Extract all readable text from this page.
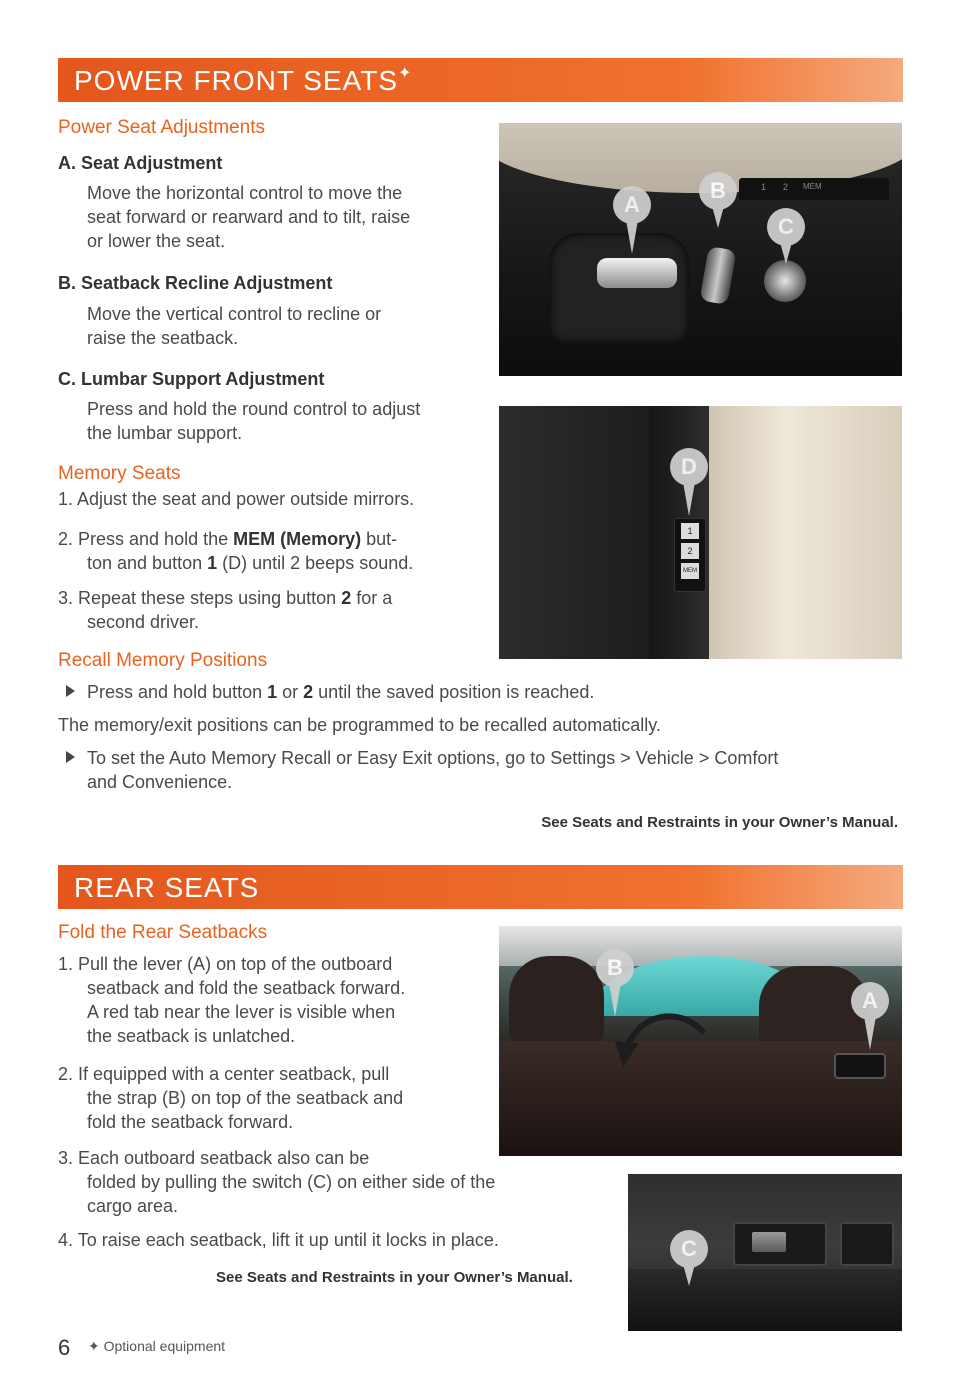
POWER FRONT SEATS✦
Power Seat Adjustments
A. Seat Adjustment
Move the horizontal control to move the
seat forward or rearward and to tilt, raise
or lower the seat.
B. Seatback Recline Adjustment
Move the vertical control to recline or
raise the seatback.
C. Lumbar Support Adjustment
Press and hold the round control to adjust
the lumbar support.
Memory Seats
1. Adjust the seat and power outside mirrors.
2. Press and hold the MEM (Memory) but-
ton and button 1 (D) until 2 beeps sound.
3. Repeat these steps using button 2 for a
second driver.
Recall Memory Positions
Press and hold button 1 or 2 until the saved position is reached.
The memory/exit positions can be programmed to be recalled automatically.
To set the Auto Memory Recall or Easy Exit options, go to Settings > Vehicle > Comfort
and Convenience.
See Seats and Restraints in your Owner’s Manual.
1 2 MEM
A
B
C
1
2
MEM
D
REAR SEATS
Fold the Rear Seatbacks
1. Pull the lever (A) on top of the outboard
seatback and fold the seatback forward.
A red tab near the lever is visible when
the seatback is unlatched.
2. If equipped with a center seatback, pull
the strap (B) on top of the seatback and
fold the seatback forward.
3. Each outboard seatback also can be
folded by pulling the switch (C) on either side of the
cargo area.
4. To raise each seatback, lift it up until it locks in place.
See Seats and Restraints in your Owner’s Manual.
B
A
C
6 ✦ Optional equipment
